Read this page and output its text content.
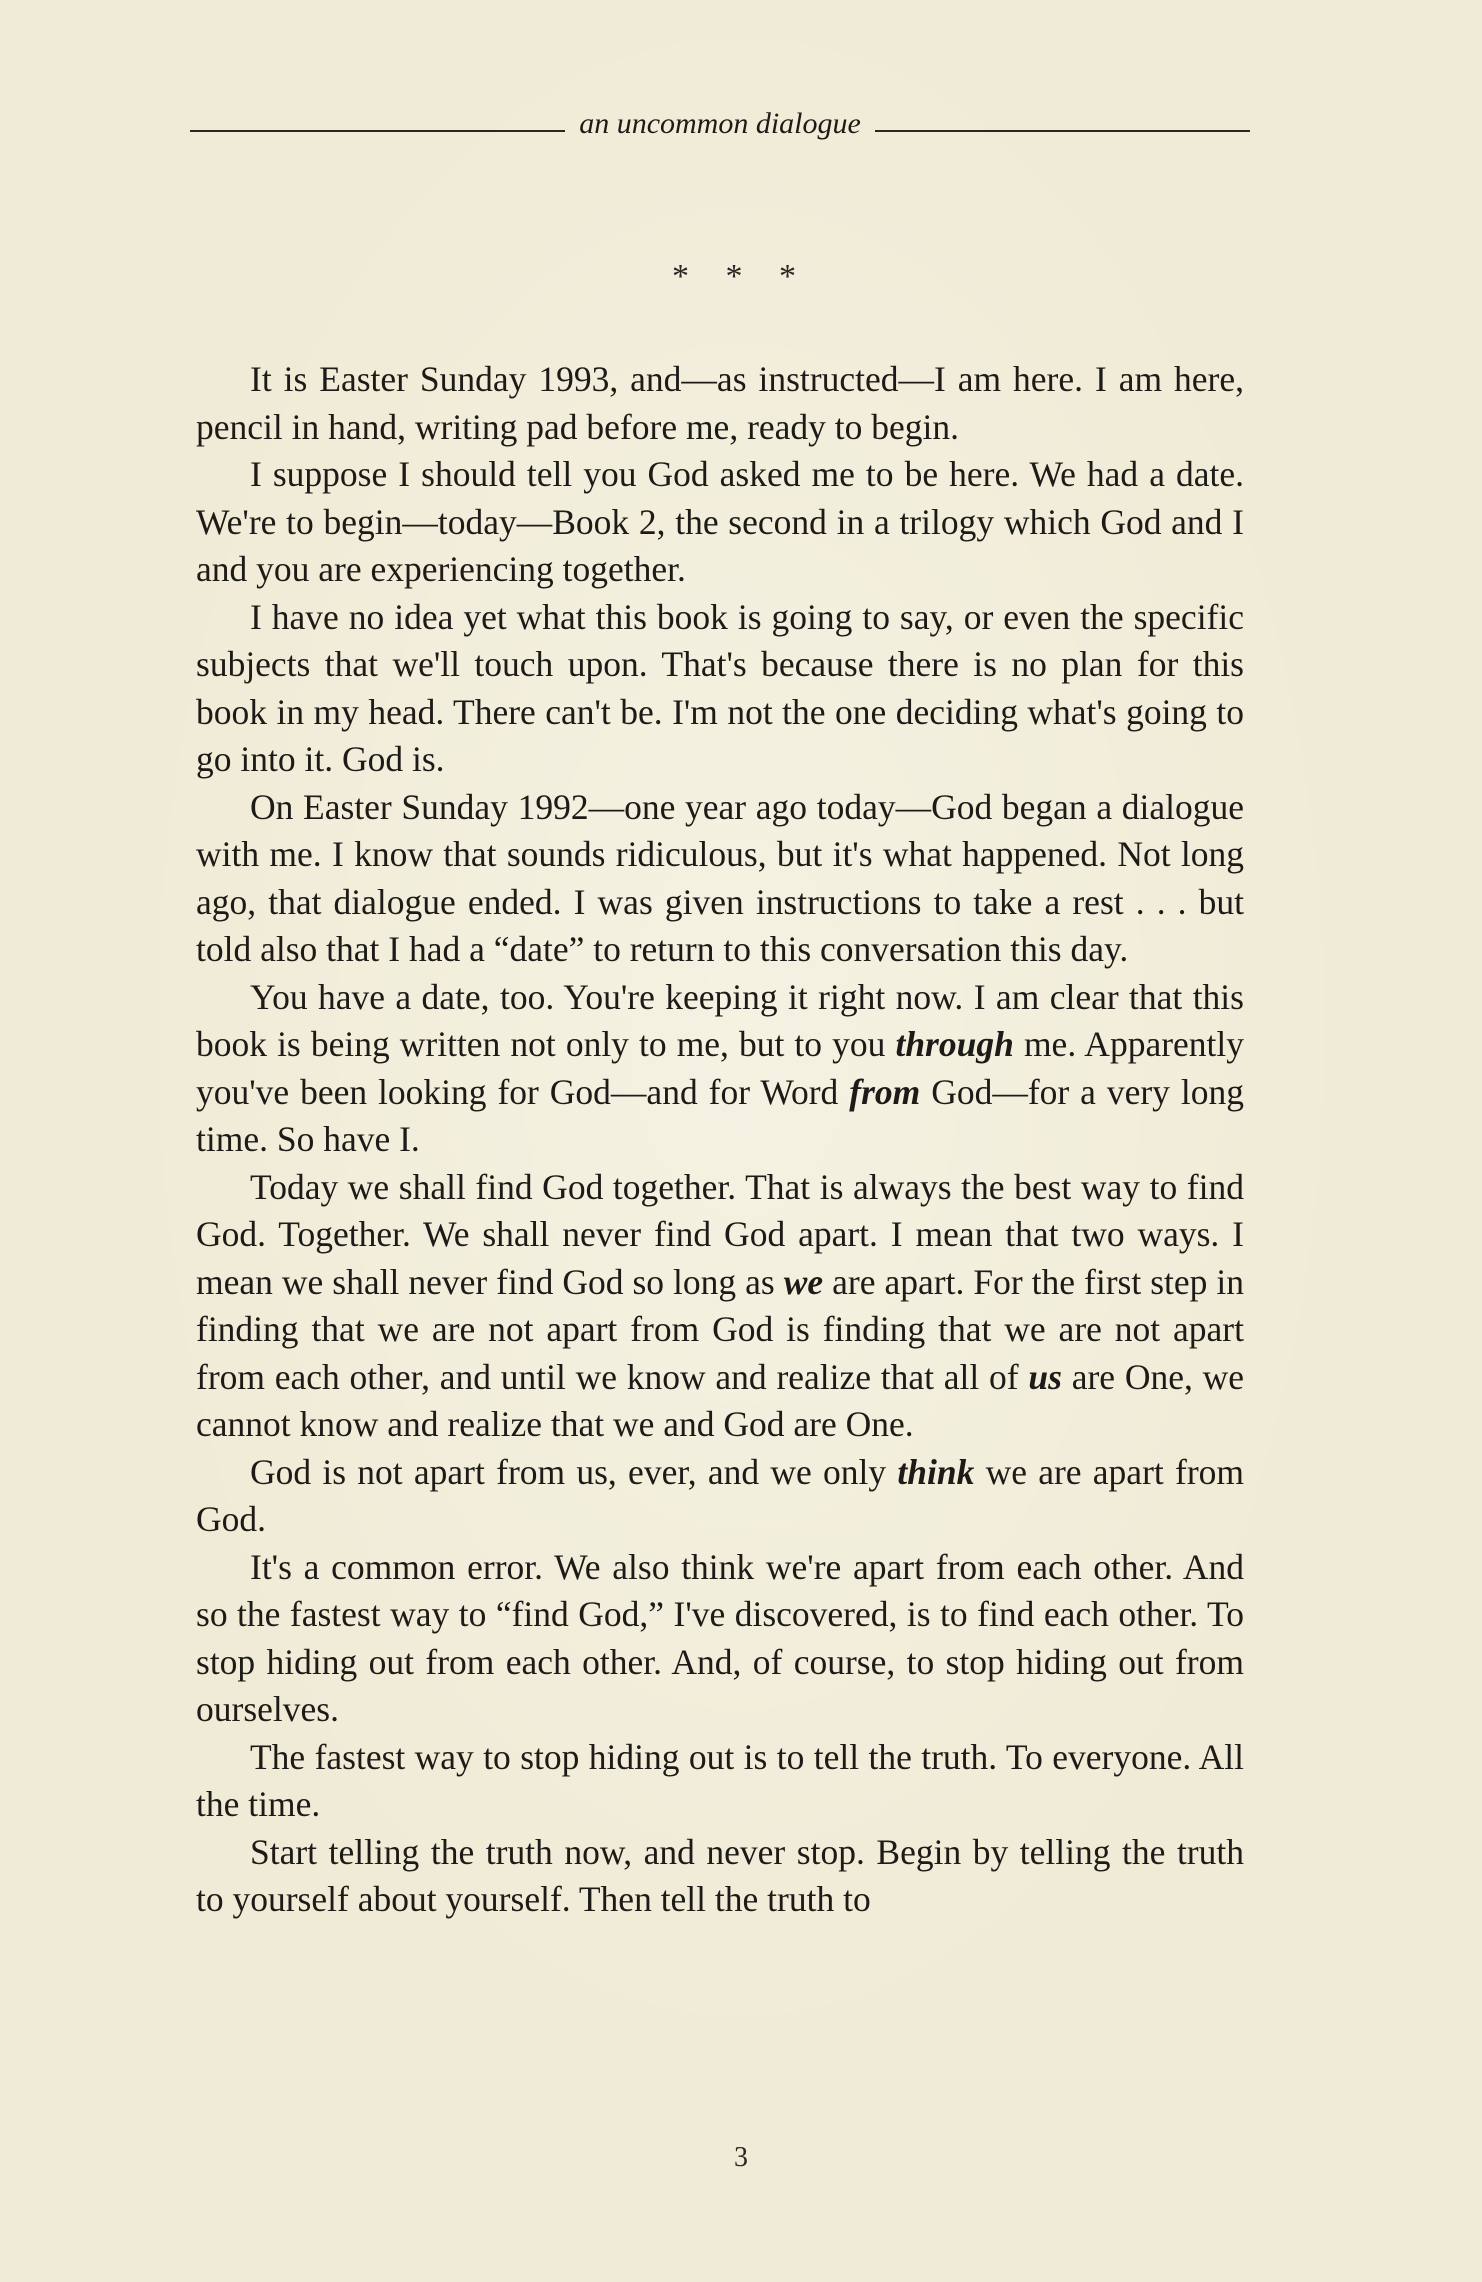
an uncommon dialogue
* * *

It is Easter Sunday 1993, and—as instructed—I am here. I am here, pencil in hand, writing pad before me, ready to begin.

I suppose I should tell you God asked me to be here. We had a date. We're to begin—today—Book 2, the second in a trilogy which God and I and you are experiencing together.

I have no idea yet what this book is going to say, or even the specific subjects that we'll touch upon. That's because there is no plan for this book in my head. There can't be. I'm not the one deciding what's going to go into it. God is.

On Easter Sunday 1992—one year ago today—God began a dialogue with me. I know that sounds ridiculous, but it's what happened. Not long ago, that dialogue ended. I was given instructions to take a rest . . . but told also that I had a “date” to return to this conversation this day.

You have a date, too. You're keeping it right now. I am clear that this book is being written not only to me, but to you through me. Apparently you've been looking for God—and for Word from God—for a very long time. So have I.

Today we shall find God together. That is always the best way to find God. Together. We shall never find God apart. I mean that two ways. I mean we shall never find God so long as we are apart. For the first step in finding that we are not apart from God is finding that we are not apart from each other, and until we know and realize that all of us are One, we cannot know and realize that we and God are One.

God is not apart from us, ever, and we only think we are apart from God.

It's a common error. We also think we're apart from each other. And so the fastest way to “find God,” I've discovered, is to find each other. To stop hiding out from each other. And, of course, to stop hiding out from ourselves.

The fastest way to stop hiding out is to tell the truth. To everyone. All the time.

Start telling the truth now, and never stop. Begin by telling the truth to yourself about yourself. Then tell the truth to

3
